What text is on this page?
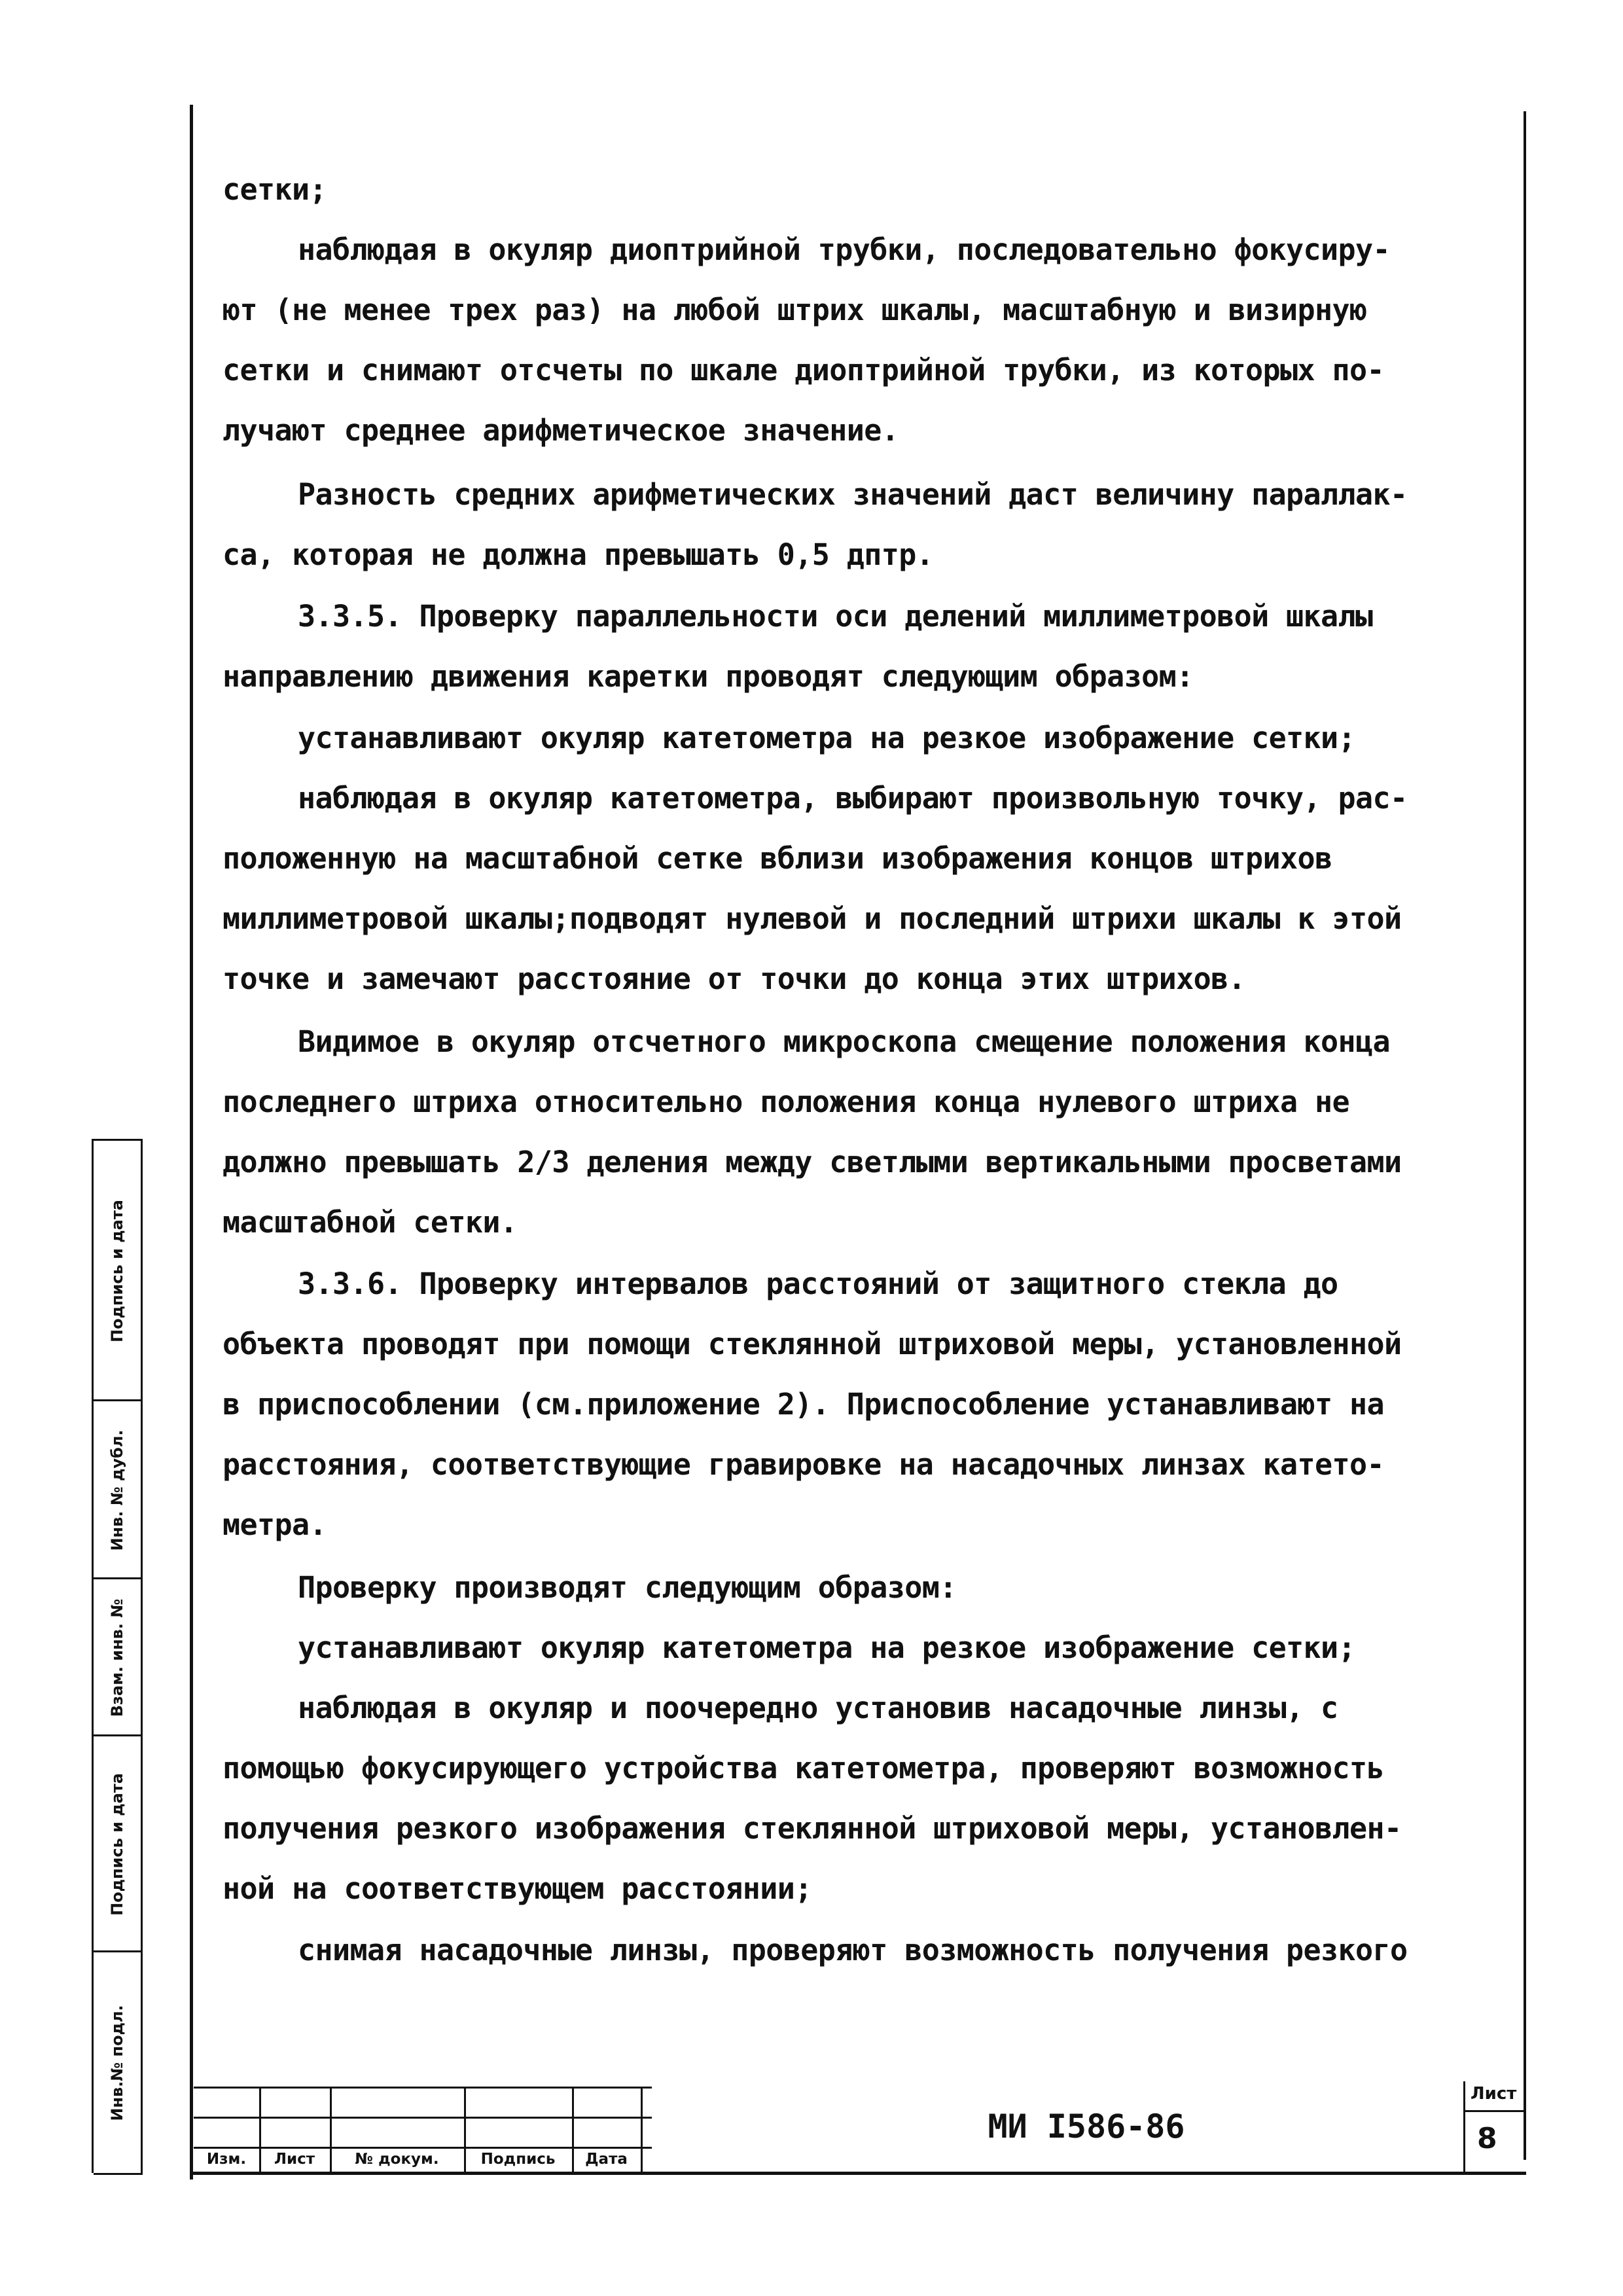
сетки;
наблюдая в окуляр диоптрийной трубки, последовательно фокусиру-
ют (не менее трех раз) на любой штрих шкалы, масштабную и визирную
сетки и снимают отсчеты по шкале диоптрийной трубки, из которых по-
лучают среднее арифметическое значение.
Разность средних арифметических значений даст величину параллак-
са, которая не должна превышать 0,5 дптр.
3.3.5. Проверку параллельности оси делений миллиметровой шкалы
направлению движения каретки проводят следующим образом:
устанавливают окуляр катетометра на резкое изображение сетки;
наблюдая в окуляр катетометра, выбирают произвольную точку, рас-
положенную на масштабной сетке вблизи изображения концов штрихов
миллиметровой шкалы;подводят нулевой и последний штрихи шкалы к этой
точке и замечают расстояние от точки до конца этих штрихов.
Видимое в окуляр отсчетного микроскопа смещение положения конца
последнего штриха относительно положения конца нулевого штриха не
должно превышать 2/3 деления между светлыми вертикальными просветами
масштабной сетки.
3.3.6. Проверку интервалов расстояний от защитного стекла до
объекта проводят при помощи стеклянной штриховой меры, установленной
в приспособлении (см.приложение 2). Приспособление устанавливают на
расстояния, соответствующие гравировке на насадочных линзах катето-
метра.
Проверку производят следующим образом:
устанавливают окуляр катетометра на резкое изображение сетки;
наблюдая в окуляр и поочередно установив насадочные линзы, с
помощью фокусирующего устройства катетометра, проверяют возможность
получения резкого изображения стеклянной штриховой меры, установлен-
ной на соответствующем расстоянии;
снимая насадочные линзы, проверяют возможность получения резкого
Подпись и дата
Инв. № дубл.
Взам. инв. №
Подпись и дата
Инв.№ подл.
Изм.	Лист	№ докум.	Подпись	Дата
МИ I586-86
Лист
8
